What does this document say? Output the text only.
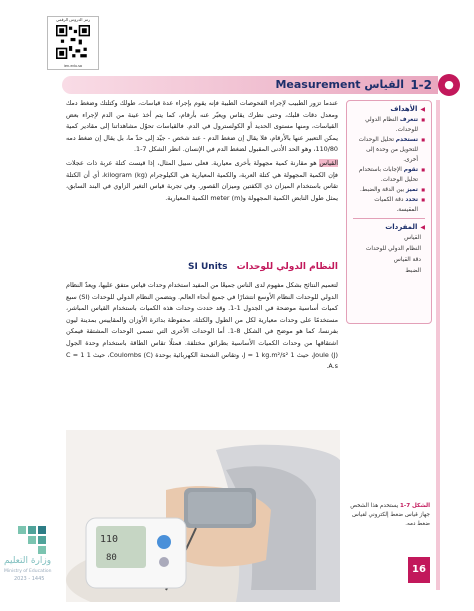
رمز الدروس الرقمي
ien.edu.sa
القياس Measurement 1-2	●
◀الأهداف
■ تتعرف النظام الدولي للوحدات.
■ تستخدم تحليل الوحدات للتحويل من وحدة إلى أخرى.
■ تقوم الإجابات باستخدام تحليل الوحدات.
■ تميز بين الدقة والضبط.
■ تحدد دقة الكميات المقيسة.
◀المفردات
القياس
النظام الدولي للوحدات
دقة القياس
الضبط

عندما تزور الطبيب لإجراء الفحوصات الطبية فإنه يقوم بإجراء عدة قياسات، طولك وكتلتك وضغط دمك ومعدل دقات قلبك، وحتى نظرك يقاس ويعبّر عنه بأرقام، كما يتم أخذ عينة من الدم لإجراء بعض القياسات، ومنها مستوى الحديد أو الكولسترول في الدم. فالقياسات تحوّل مشاهداتنا إلى مقادير كمية يمكن التعبير عنها بالأرقام، فلا يقال إن ضغط الدم - عند شخص - جيّد إلى حدّ ما، بل يقال إن ضغط دمه 110/80، وهو الحد الأدنى المقبول لضغط الدم في الإنسان. انظر الشكل 7-1.

القياس هو مقارنة كمية مجهولة بأخرى معيارية. فعلى سبيل المثال، إذا قيست كتلة عربة ذات عجلات فإن الكمية المجهولة هي كتلة العربة، والكمية المعيارية هي الكيلوجرام (kilogram (kg، أي أن الكتلة تقاس باستخدام الميزان ذي الكفتين وميزان القصور. وفي تجربة قياس التغير الزاوي في البند السابق، يمثل طول النابض الكمية المجهولة و(meter (m الكمية المعيارية.

النظام الدولي للوحدات SI Units

لتعميم النتائج بشكل مفهوم لدى الناس جميعًا من المفيد استخدام وحدات قياس متفق عليها، ويعدّ النظام الدولي للوحدات النظام الأوسع انتشارًا في جميع أنحاء العالم. ويتضمن النظام الدولي للوحدات (SI) سبع كميات أساسية موضحة في الجدول 1-1. وقد حددت وحدات هذه الكميات باستخدام القياس المباشر، مستخدمًا على وحدات معيارية لكل من الطول والكتلة، محفوظة بدائرة الأوزان والمقاييس بمدينة ليون بفرنسا، كما هو موضح في الشكل 8-1. أما الوحدات الأخرى التي تسمى الوحدات المشتقة فيمكن اشتقاقها من وحدات الكميات الأساسية بطرائق مختلفة. فمثلًا تقاس الطاقة باستخدام وحدة الجول Joule (J)، حيث 1 J = 1 kg.m²/s²، وتقاس الشحنة الكهربائية بوحدة Coulombs (C)، حيث 1 C = 1 A.s.

110
80
الشكل 7-1 يستخدم هذا الشخص جهاز قياس ضغط إلكتروني لقياس ضغط دمه.
16
وزارة التعليم
Ministry of Education
2023 - 1445
